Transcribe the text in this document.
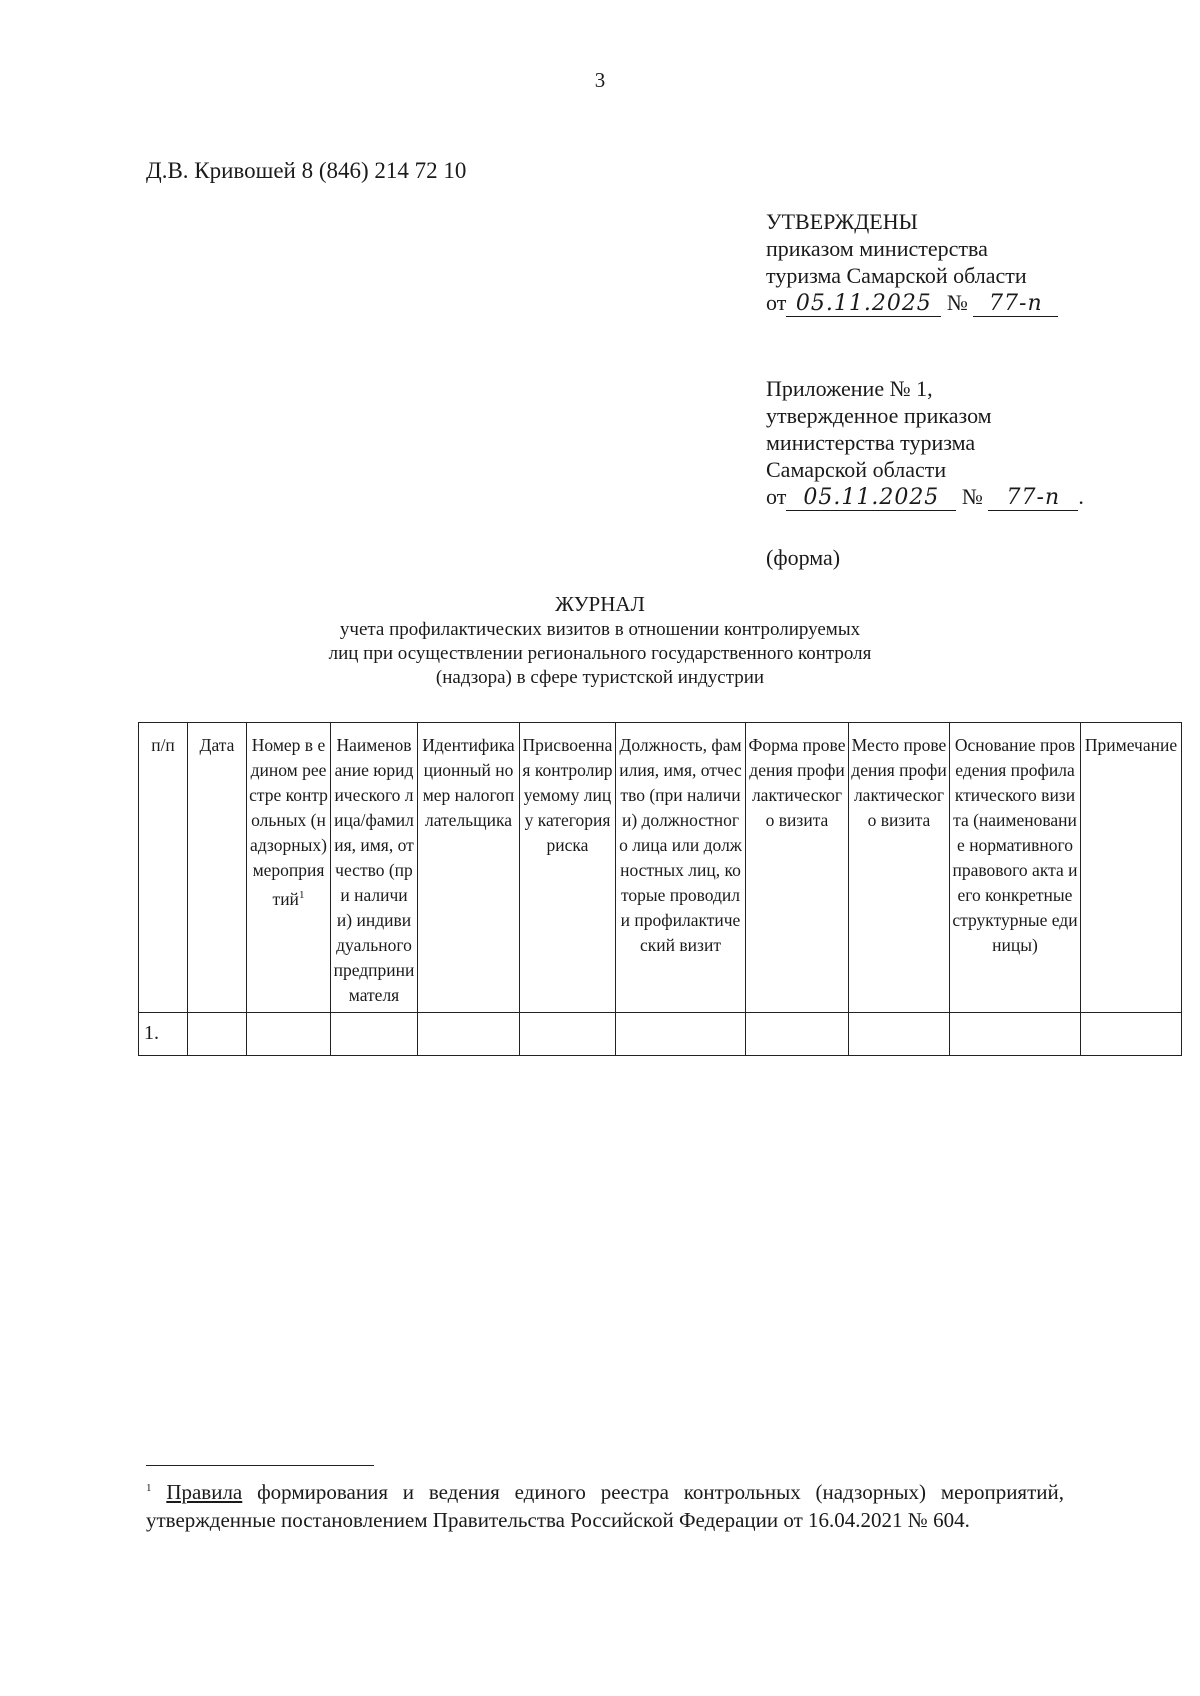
3
Д.В. Кривошей 8 (846) 214 72 10
УТВЕРЖДЕНЫ
приказом министерства
туризма Самарской области
от 05.11.2025 № 77-п
Приложение № 1,
утвержденное приказом
министерства туризма
Самарской области
от 05.11.2025 № 77-п .
(форма)
ЖУРНАЛ
учета профилактических визитов в отношении контролируемых
лиц при осуществлении регионального государственного контроля
(надзора) в сфере туристской индустрии
п/п	Дата	Номер в едином реестре контрольных (надзорных) мероприятий$^1$	Наименование юридического лица/фамилия, имя, отчество (при наличии) индивидуального предпринимателя	Идентификационный номер налогоплательщика	Присвоенная контролируемому лицу категория риска	Должность, фамилия, имя, отчество (при наличии) должностного лица или должностных лиц, которые проводили профилактический визит	Форма проведения профилактического визита	Место проведения профилактического визита	Основание проведения профилактического визита (наименование нормативного правового акта и его конкретные структурные единицы)	Примечание
1.										
$^1$ Правила формирования и ведения единого реестра контрольных (надзорных) мероприятий, утвержденные постановлением Правительства Российской Федерации от 16.04.2021 № 604.
